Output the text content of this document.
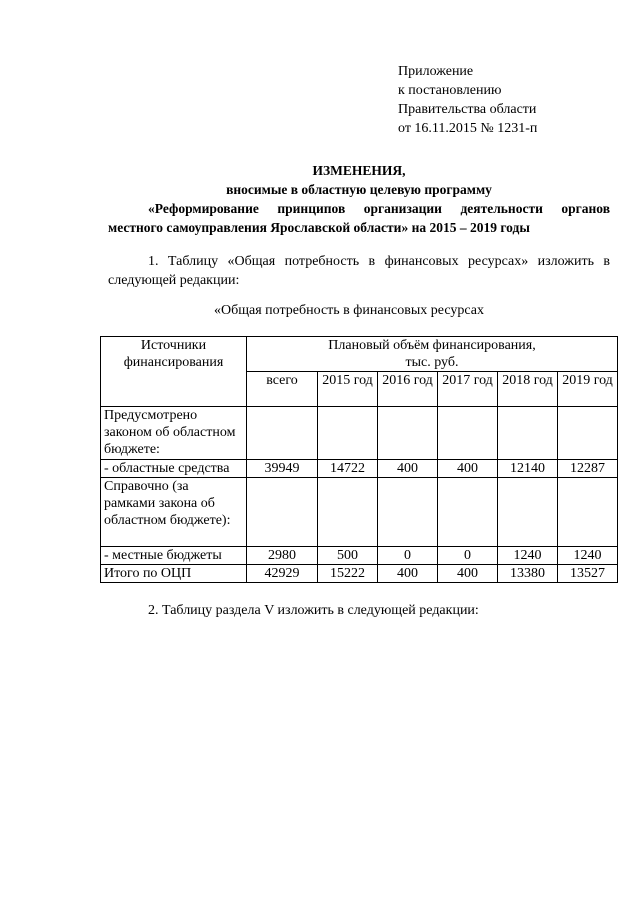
Приложение
к постановлению
Правительства области
от 16.11.2015 № 1231-п
ИЗМЕНЕНИЯ,
вносимые в областную целевую программу
«Реформирование принципов организации деятельности органов
местного самоуправления Ярославской области» на 2015 – 2019 годы
1. Таблицу «Общая потребность в финансовых ресурсах» изложить в
следующей редакции:
«Общая потребность в финансовых ресурсах
Источники финансирования	Плановый объём финансирования,
тыс. руб.					

	всего	2015 год	2016 год	2017 год	2018 год	2019 год
Предусмотрено законом об областном бюджете:						
- областные средства	39949	14722	400	400	12140	12287
Справочно (за рамками закона об областном бюджете):						
- местные бюджеты	2980	500	0	0	1240	1240
Итого по ОЦП	42929	15222	400	400	13380	13527
2. Таблицу раздела V изложить в следующей редакции:
